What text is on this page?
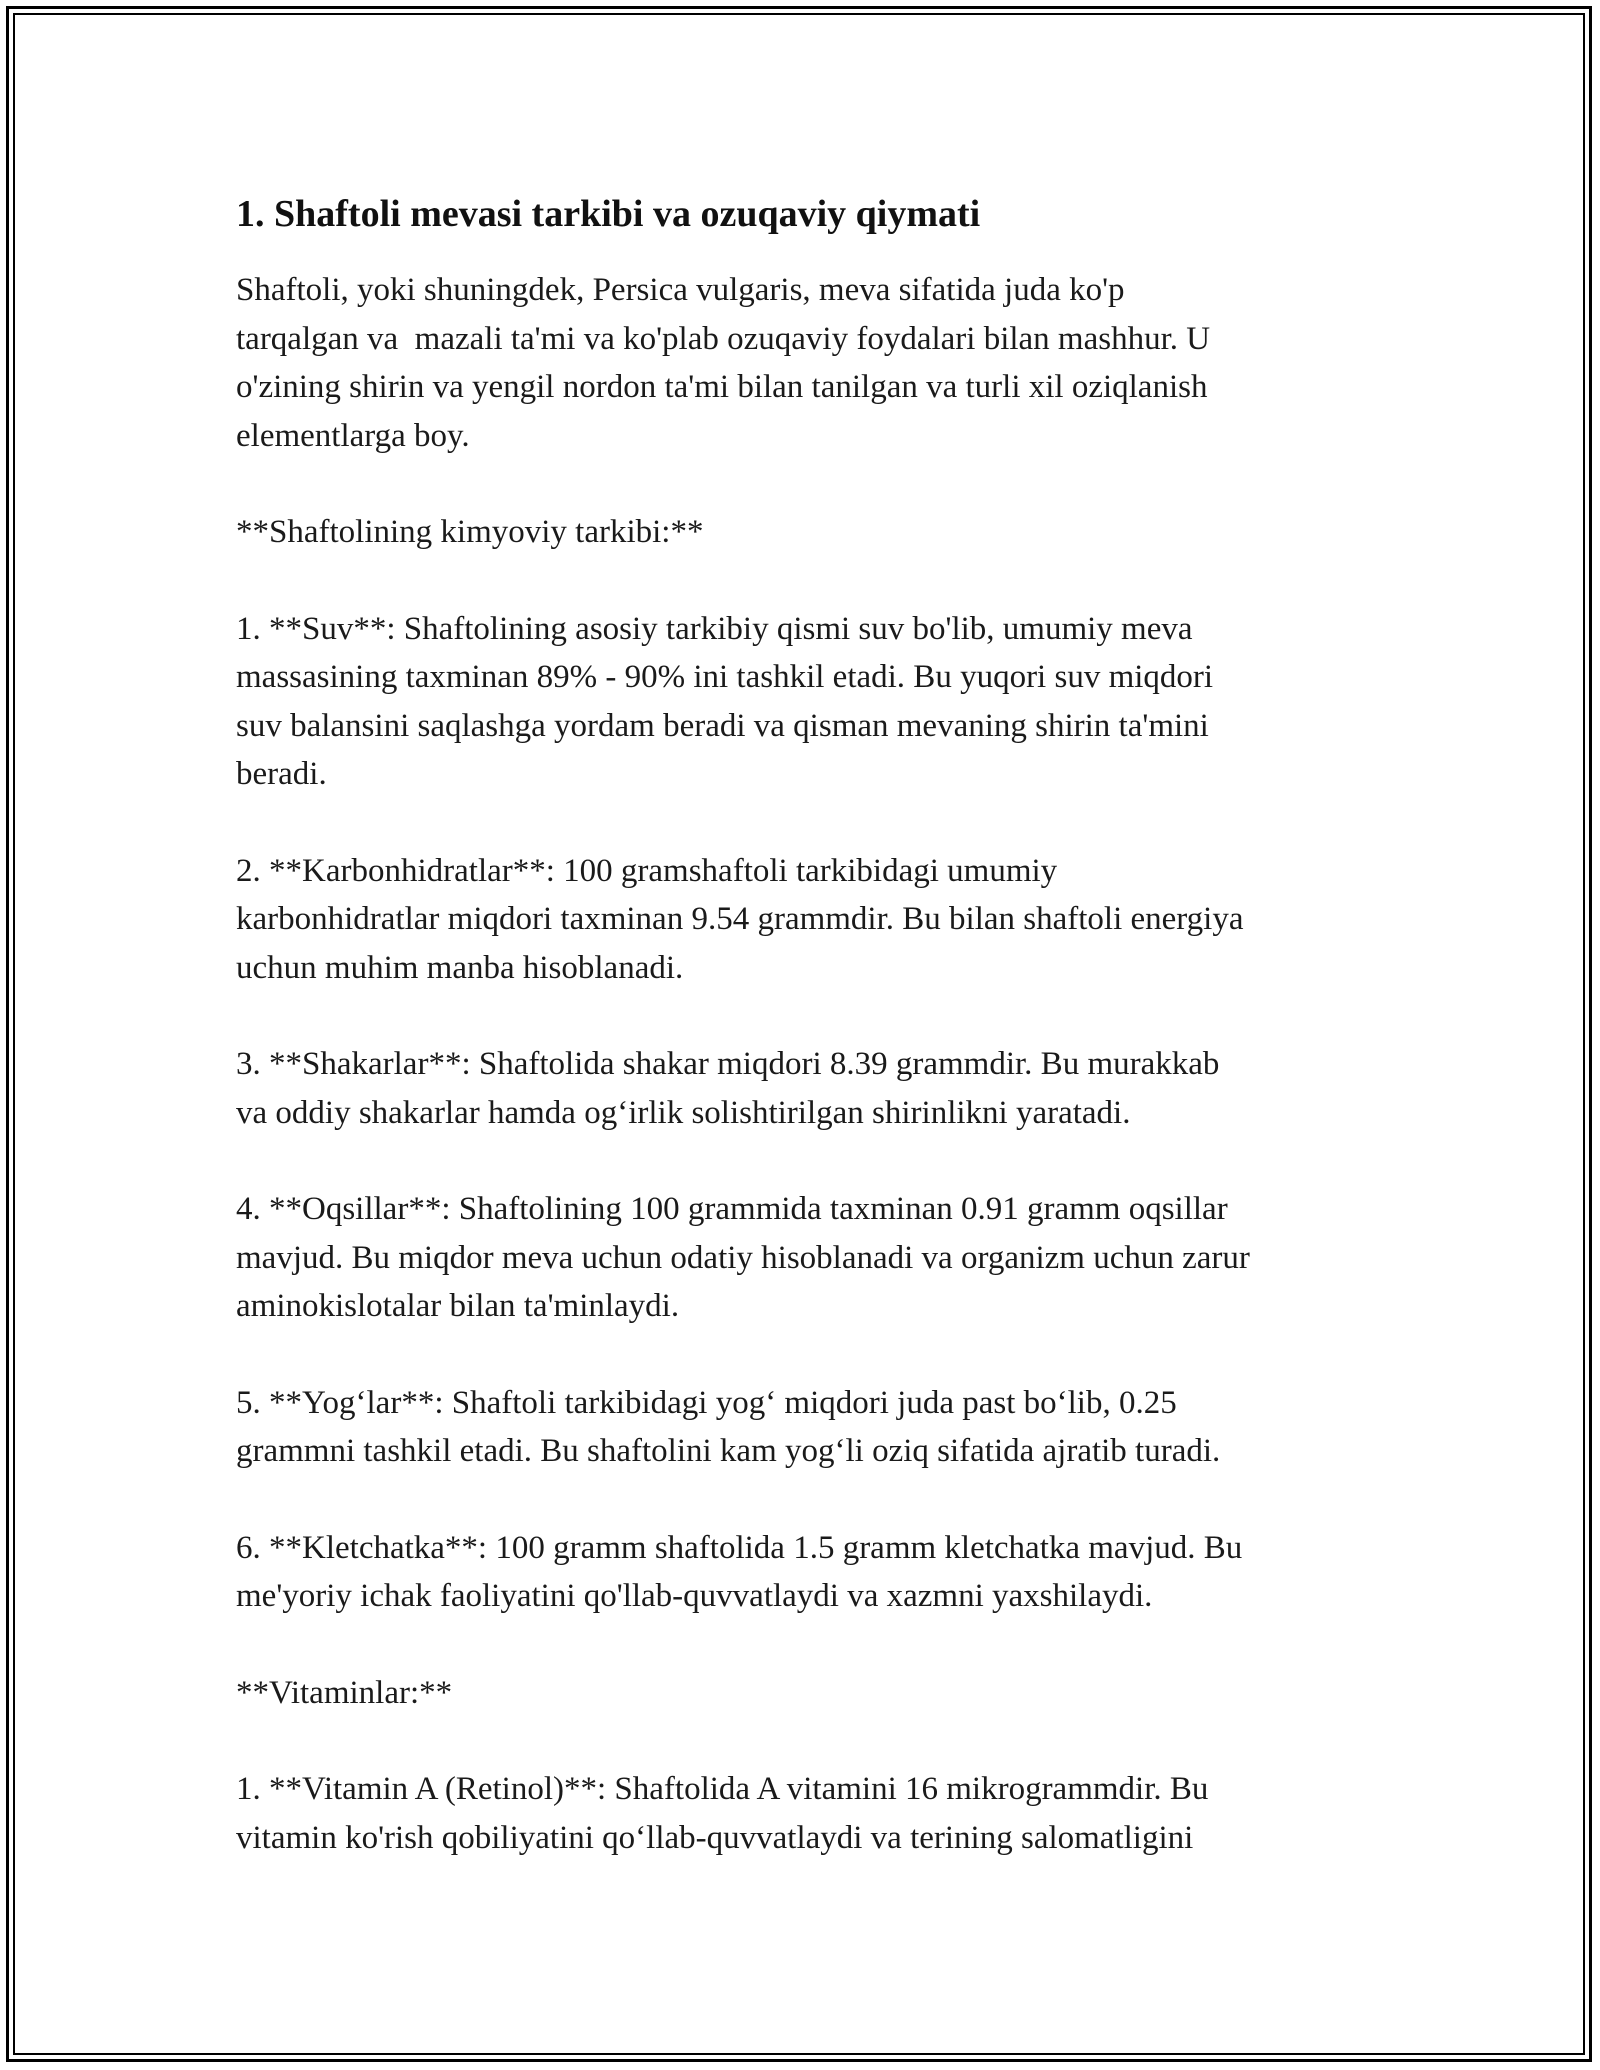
1. Shaftoli mevasi tarkibi va ozuqaviy qiymati

Shaftoli, yoki shuningdek, Persica vulgaris, meva sifatida juda ko'p
tarqalgan va  mazali ta'mi va ko'plab ozuqaviy foydalari bilan mashhur. U
o'zining shirin va yengil nordon ta'mi bilan tanilgan va turli xil oziqlanish
elementlarga boy.

**Shaftolining kimyoviy tarkibi:**

1. **Suv**: Shaftolining asosiy tarkibiy qismi suv bo'lib, umumiy meva
massasining taxminan 89% - 90% ini tashkil etadi. Bu yuqori suv miqdori
suv balansini saqlashga yordam beradi va qisman mevaning shirin ta'mini
beradi.

2. **Karbonhidratlar**: 100 gramshaftoli tarkibidagi umumiy
karbonhidratlar miqdori taxminan 9.54 grammdir. Bu bilan shaftoli energiya
uchun muhim manba hisoblanadi.

3. **Shakarlar**: Shaftolida shakar miqdori 8.39 grammdir. Bu murakkab
va oddiy shakarlar hamda og‘irlik solishtirilgan shirinlikni yaratadi.

4. **Oqsillar**: Shaftolining 100 grammida taxminan 0.91 gramm oqsillar
mavjud. Bu miqdor meva uchun odatiy hisoblanadi va organizm uchun zarur
aminokislotalar bilan ta'minlaydi.

5. **Yog‘lar**: Shaftoli tarkibidagi yog‘ miqdori juda past bo‘lib, 0.25
grammni tashkil etadi. Bu shaftolini kam yog‘li oziq sifatida ajratib turadi.

6. **Kletchatka**: 100 gramm shaftolida 1.5 gramm kletchatka mavjud. Bu
me'yoriy ichak faoliyatini qo'llab-quvvatlaydi va xazmni yaxshilaydi.

**Vitaminlar:**

1. **Vitamin A (Retinol)**: Shaftolida A vitamini 16 mikrogrammdir. Bu
vitamin ko'rish qobiliyatini qo‘llab-quvvatlaydi va terining salomatligini
